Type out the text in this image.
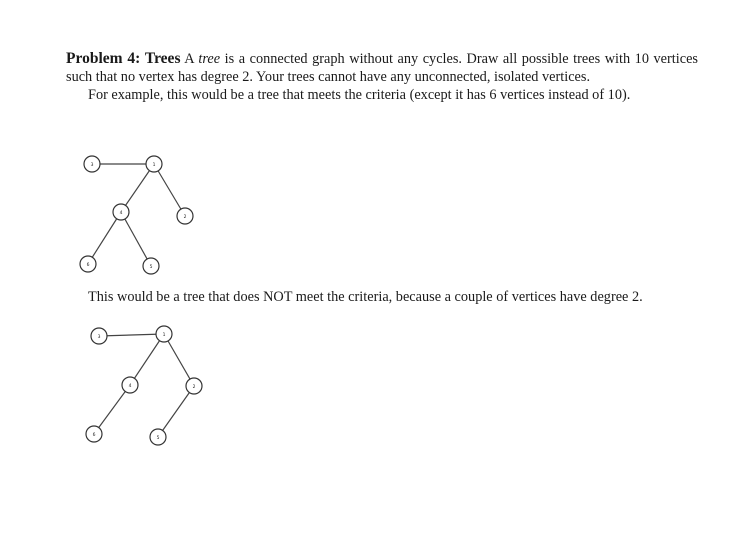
Problem 4: Trees A tree is a connected graph without any cycles. Draw all possible trees with 10 vertices such that no vertex has degree 2. Your trees cannot have any unconnected, isolated vertices.

For example, this would be a tree that meets the criteria (except it has 6 vertices instead of 10).

3	1
4
2
6	5

This would be a tree that does NOT meet the criteria, because a couple of vertices have degree 2.

3	1
4	2
6
5
